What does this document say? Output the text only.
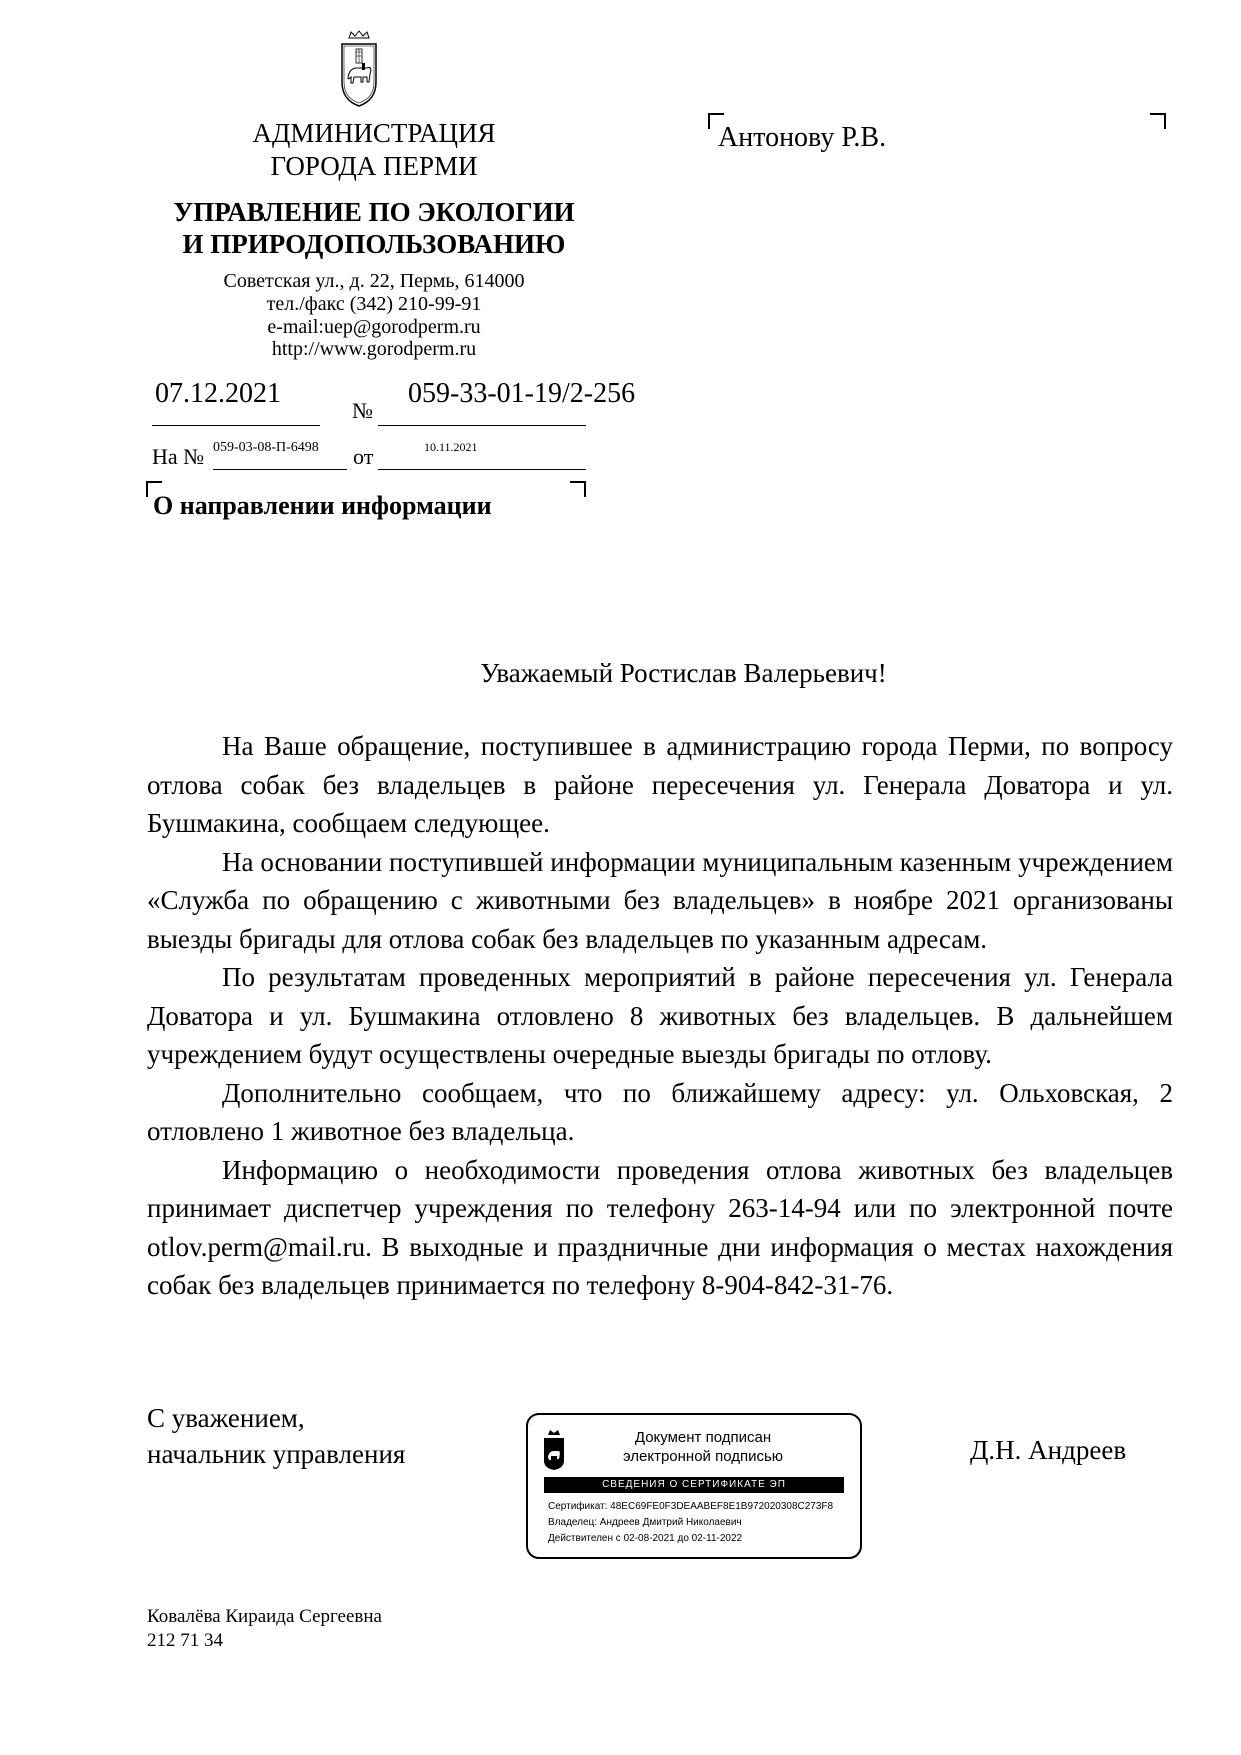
АДМИНИСТРАЦИЯ
ГОРОДА ПЕРМИ
УПРАВЛЕНИЕ ПО ЭКОЛОГИИ
И ПРИРОДОПОЛЬЗОВАНИЮ
Советская ул., д. 22, Пермь, 614000
тел./факс (342) 210-99-91
e-mail:uep@gorodperm.ru
http://www.gorodperm.ru
07.12.2021
№
059-33-01-19/2-256
На № 059-03-08-П-6498 от	10.11.2021
О направлении информации
Антонову Р.В.
Уважаемый Ростислав Валерьевич!

На Ваше обращение, поступившее в администрацию города Перми, по вопросу отлова собак без владельцев в районе пересечения ул. Генерала Доватора и ул. Бушмакина, сообщаем следующее.

На основании поступившей информации муниципальным казенным учреждением «Служба по обращению с животными без владельцев» в ноябре 2021 организованы выезды бригады для отлова собак без владельцев по указанным адресам.

По результатам проведенных мероприятий в районе пересечения ул. Генерала Доватора и ул. Бушмакина отловлено 8 животных без владельцев. В дальнейшем учреждением будут осуществлены очередные выезды бригады по отлову.

Дополнительно сообщаем, что по ближайшему адресу: ул. Ольховская, 2 отловлено 1 животное без владельца.

Информацию о необходимости проведения отлова животных без владельцев принимает диспетчер учреждения по телефону 263-14-94 или по электронной почте otlov.perm@mail.ru. В выходные и праздничные дни информация о местах нахождения собак без владельцев принимается по телефону 8-904-842-31-76.

С уважением,
начальник управления	Д.Н. Андреев
Документ подписан
электронной подписью
СВЕДЕНИЯ О СЕРТИФИКАТЕ ЭП
Сертификат: 48EC69FE0F3DEAABEF8E1B972020308C273F8
Владелец: Андреев Дмитрий Николаевич
Действителен с 02-08-2021 до 02-11-2022
Ковалёва Кираида Сергеевна
212 71 34
